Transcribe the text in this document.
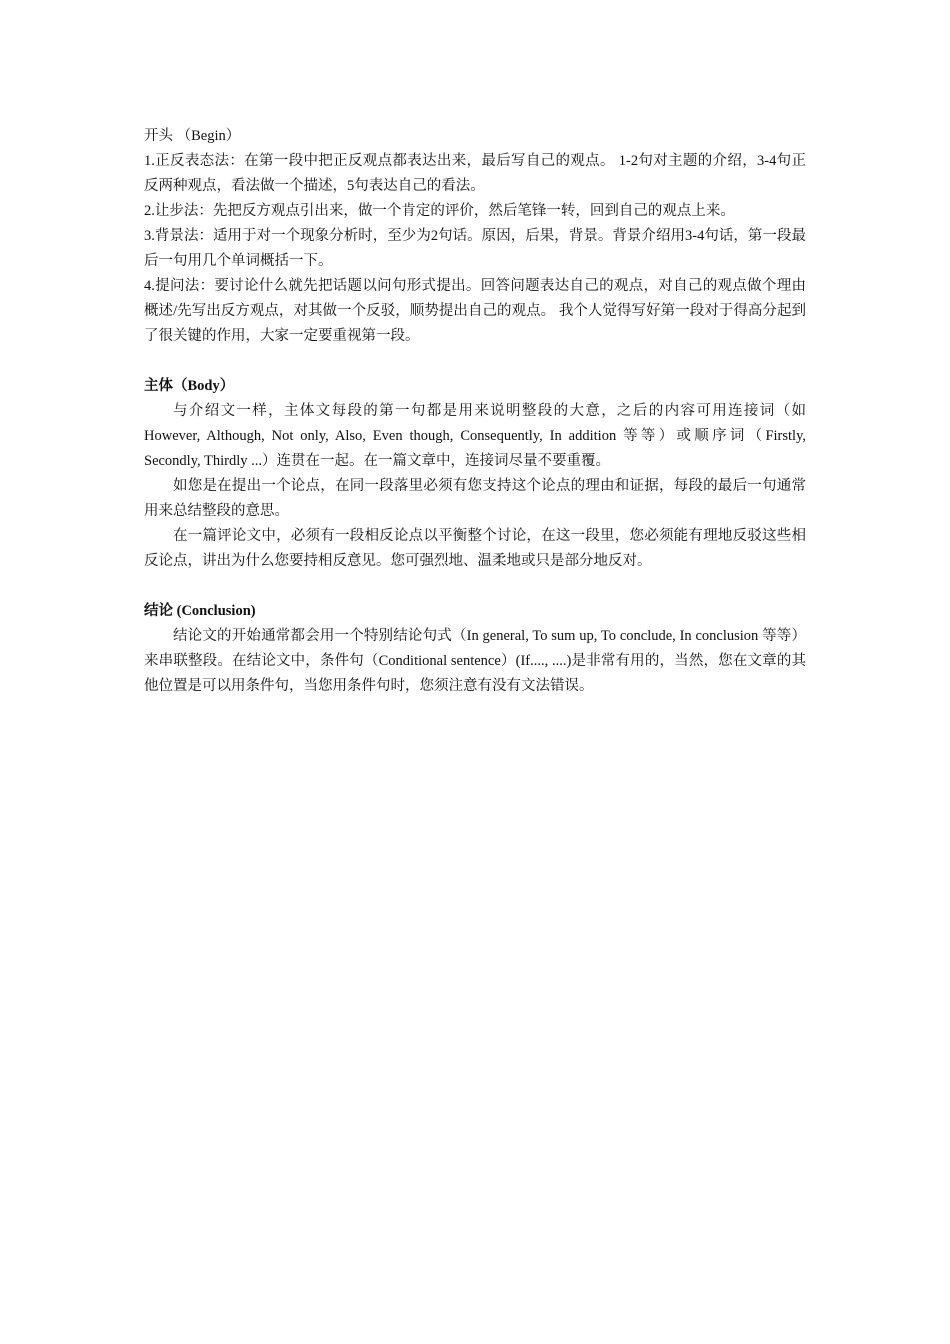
开头 （Begin）

1.正反表态法：在第一段中把正反观点都表达出来，最后写自己的观点。 1-2句对主题的介绍，3-4句正反两种观点，看法做一个描述，5句表达自己的看法。

2.让步法：先把反方观点引出来，做一个肯定的评价，然后笔锋一转，回到自己的观点上来。

3.背景法：适用于对一个现象分析时，至少为2句话。原因，后果，背景。背景介绍用3-4句话，第一段最后一句用几个单词概括一下。

4.提问法：要讨论什么就先把话题以问句形式提出。回答问题表达自己的观点，对自己的观点做个理由概述/先写出反方观点，对其做一个反驳，顺势提出自己的观点。 我个人觉得写好第一段对于得高分起到了很关键的作用，大家一定要重视第一段。

主体（Body）

与介绍文一样，主体文每段的第一句都是用来说明整段的大意，之后的内容可用连接词（如 However, Although, Not only, Also, Even though, Consequently, In addition 等等）或顺序词（Firstly, Secondly, Thirdly ...）连贯在一起。在一篇文章中，连接词尽量不要重覆。

如您是在提出一个论点，在同一段落里必须有您支持这个论点的理由和证据，每段的最后一句通常用来总结整段的意思。

在一篇评论文中，必须有一段相反论点以平衡整个讨论，在这一段里，您必须能有理地反驳这些相反论点，讲出为什么您要持相反意见。您可强烈地、温柔地或只是部分地反对。

结论 (Conclusion)

结论文的开始通常都会用一个特别结论句式（In general, To sum up, To conclude, In conclusion 等等）来串联整段。在结论文中，条件句（Conditional sentence）(If...., ....)是非常有用的，当然，您在文章的其他位置是可以用条件句，当您用条件句时，您须注意有没有文法错误。
